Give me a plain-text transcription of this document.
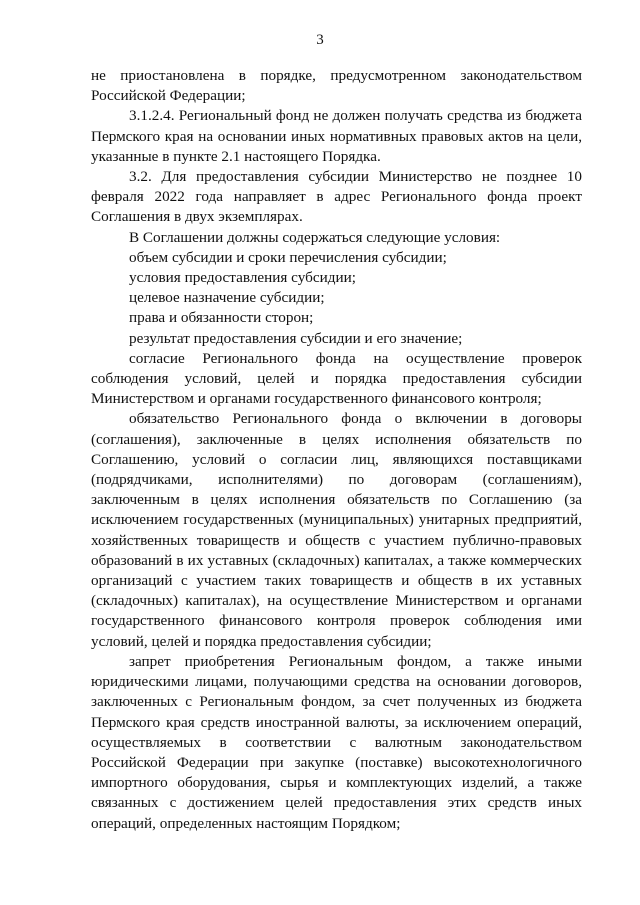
3

не приостановлена в порядке, предусмотренном законодательством Российской Федерации;

3.1.2.4. Региональный фонд не должен получать средства из бюджета Пермского края на основании иных нормативных правовых актов на цели, указанные в пункте 2.1 настоящего Порядка.

3.2. Для предоставления субсидии Министерство не позднее 10 февраля 2022 года направляет в адрес Регионального фонда проект Соглашения в двух экземплярах.

В Соглашении должны содержаться следующие условия:

объем субсидии и сроки перечисления субсидии;

условия предоставления субсидии;

целевое назначение субсидии;

права и обязанности сторон;

результат предоставления субсидии и его значение;

согласие Регионального фонда на осуществление проверок соблюдения условий, целей и порядка предоставления субсидии Министерством и органами государственного финансового контроля;

обязательство Регионального фонда о включении в договоры (соглашения), заключенные в целях исполнения обязательств по Соглашению, условий о согласии лиц, являющихся поставщиками (подрядчиками, исполнителями) по договорам (соглашениям), заключенным в целях исполнения обязательств по Соглашению (за исключением государственных (муниципальных) унитарных предприятий, хозяйственных товариществ и обществ с участием публично-правовых образований в их уставных (складочных) капиталах, а также коммерческих организаций с участием таких товариществ и обществ в их уставных (складочных) капиталах), на осуществление Министерством и органами государственного финансового контроля проверок соблюдения ими условий, целей и порядка предоставления субсидии;

запрет приобретения Региональным фондом, а также иными юридическими лицами, получающими средства на основании договоров, заключенных с Региональным фондом, за счет полученных из бюджета Пермского края средств иностранной валюты, за исключением операций, осуществляемых в соответствии с валютным законодательством Российской Федерации при закупке (поставке) высокотехнологичного импортного оборудования, сырья и комплектующих изделий, а также связанных с достижением целей предоставления этих средств иных операций, определенных настоящим Порядком;
